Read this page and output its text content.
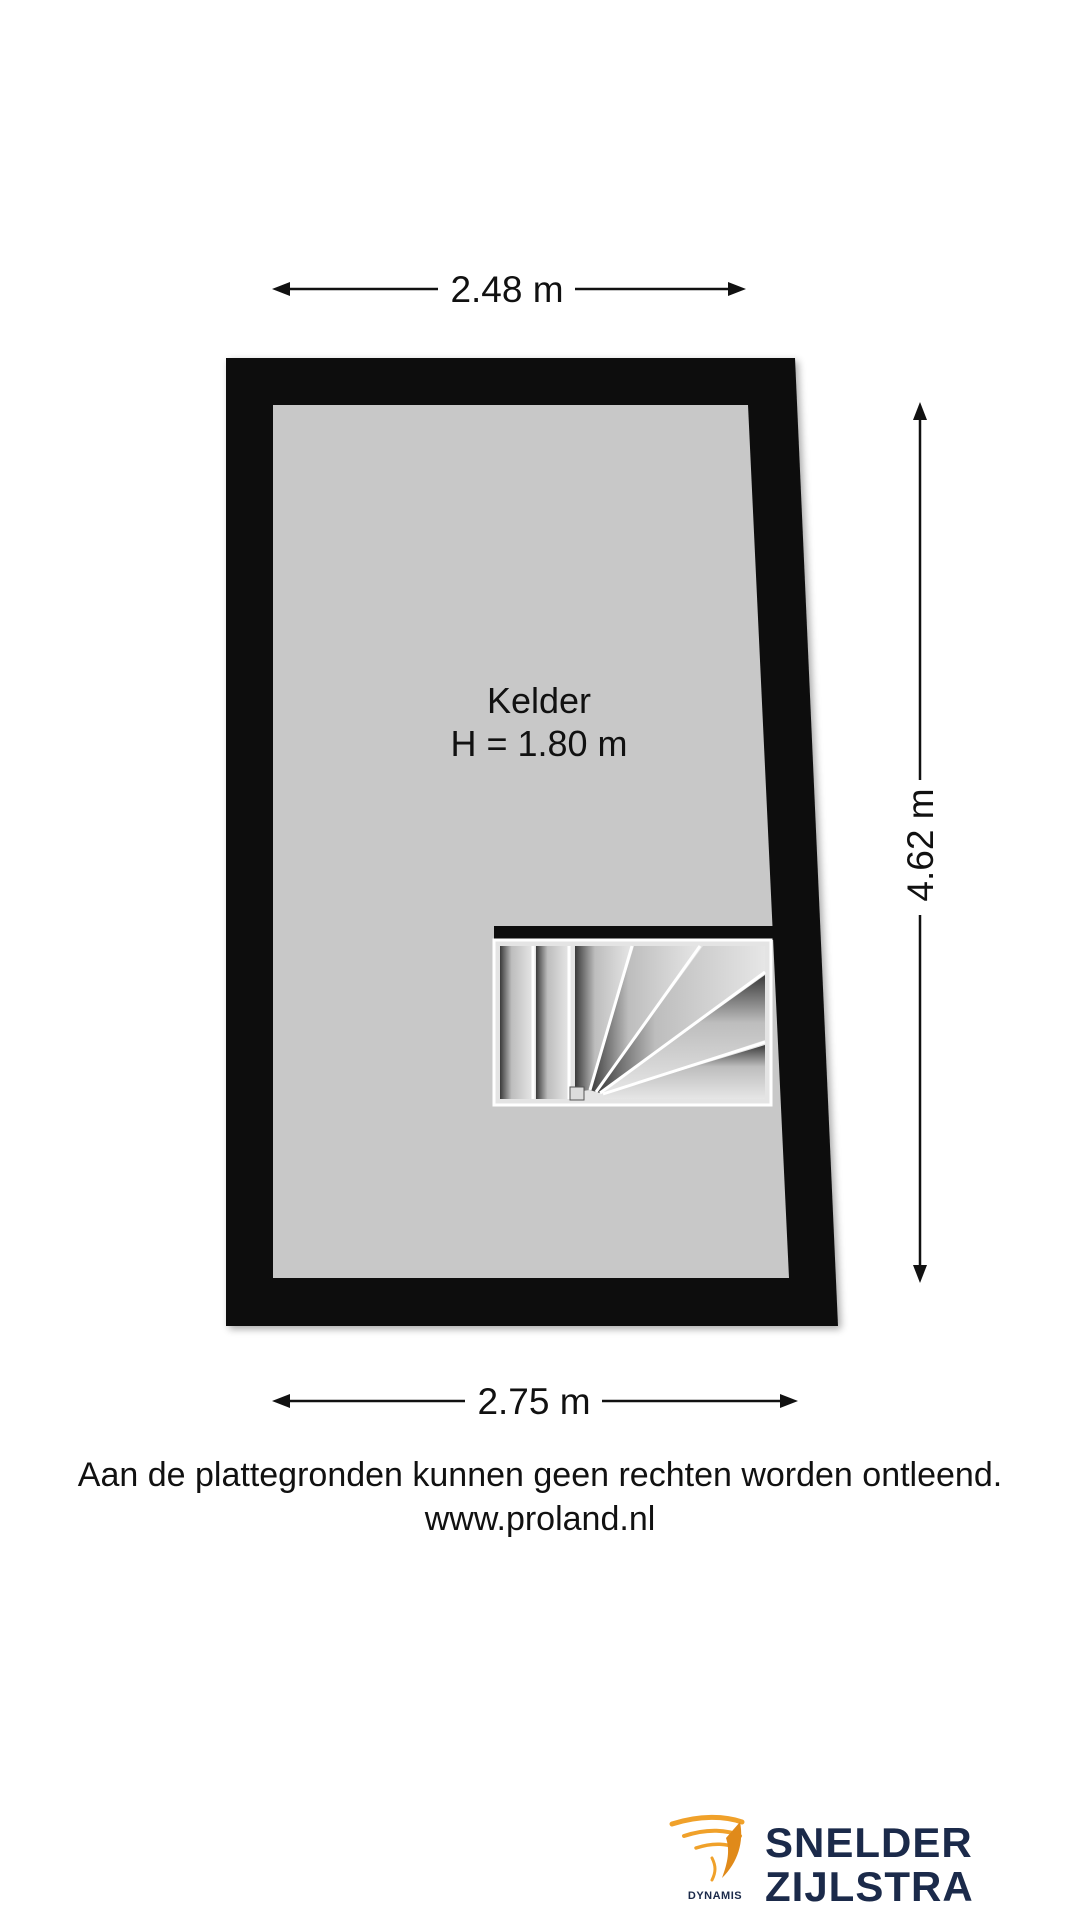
2.48 m
Kelder
H = 1.80 m
4.62 m
2.75 m
Aan de plattegronden kunnen geen rechten worden ontleend.
www.proland.nl
DYNAMIS
SNELDER
ZIJLSTRA
